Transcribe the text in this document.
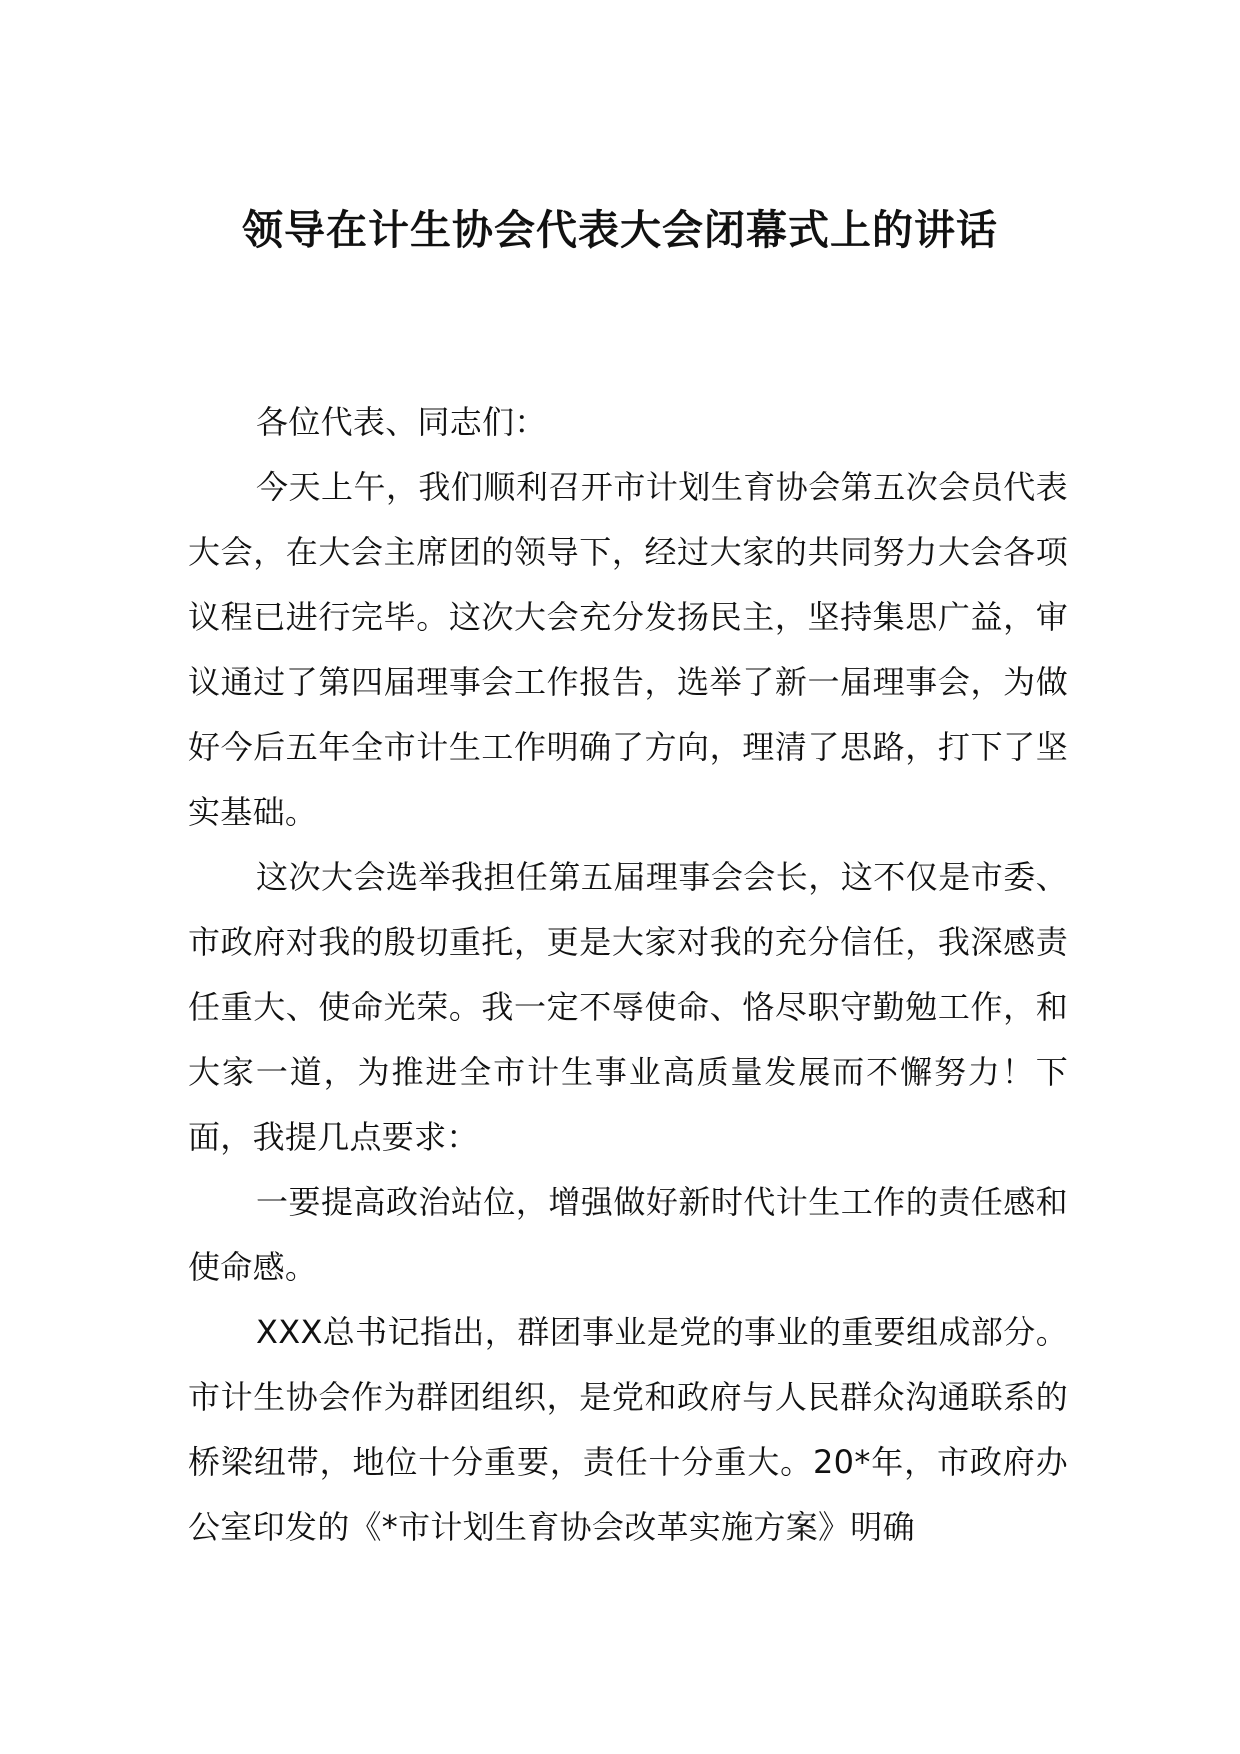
领导在计生协会代表大会闭幕式上的讲话

各位代表、同志们：

今天上午，我们顺利召开市计划生育协会第五次会员代表大会，在大会主席团的领导下，经过大家的共同努力大会各项议程已进行完毕。这次大会充分发扬民主，坚持集思广益，审议通过了第四届理事会工作报告，选举了新一届理事会，为做好今后五年全市计生工作明确了方向，理清了思路，打下了坚实基础。

这次大会选举我担任第五届理事会会长，这不仅是市委、市政府对我的殷切重托，更是大家对我的充分信任，我深感责任重大、使命光荣。我一定不辱使命、恪尽职守勤勉工作，和大家一道，为推进全市计生事业高质量发展而不懈努力！下面，我提几点要求：

一要提高政治站位，增强做好新时代计生工作的责任感和使命感。

XXX总书记指出，群团事业是党的事业的重要组成部分。市计生协会作为群团组织，是党和政府与人民群众沟通联系的桥梁纽带，地位十分重要，责任十分重大。20*年，市政府办公室印发的《*市计划生育协会改革实施方案》明确
